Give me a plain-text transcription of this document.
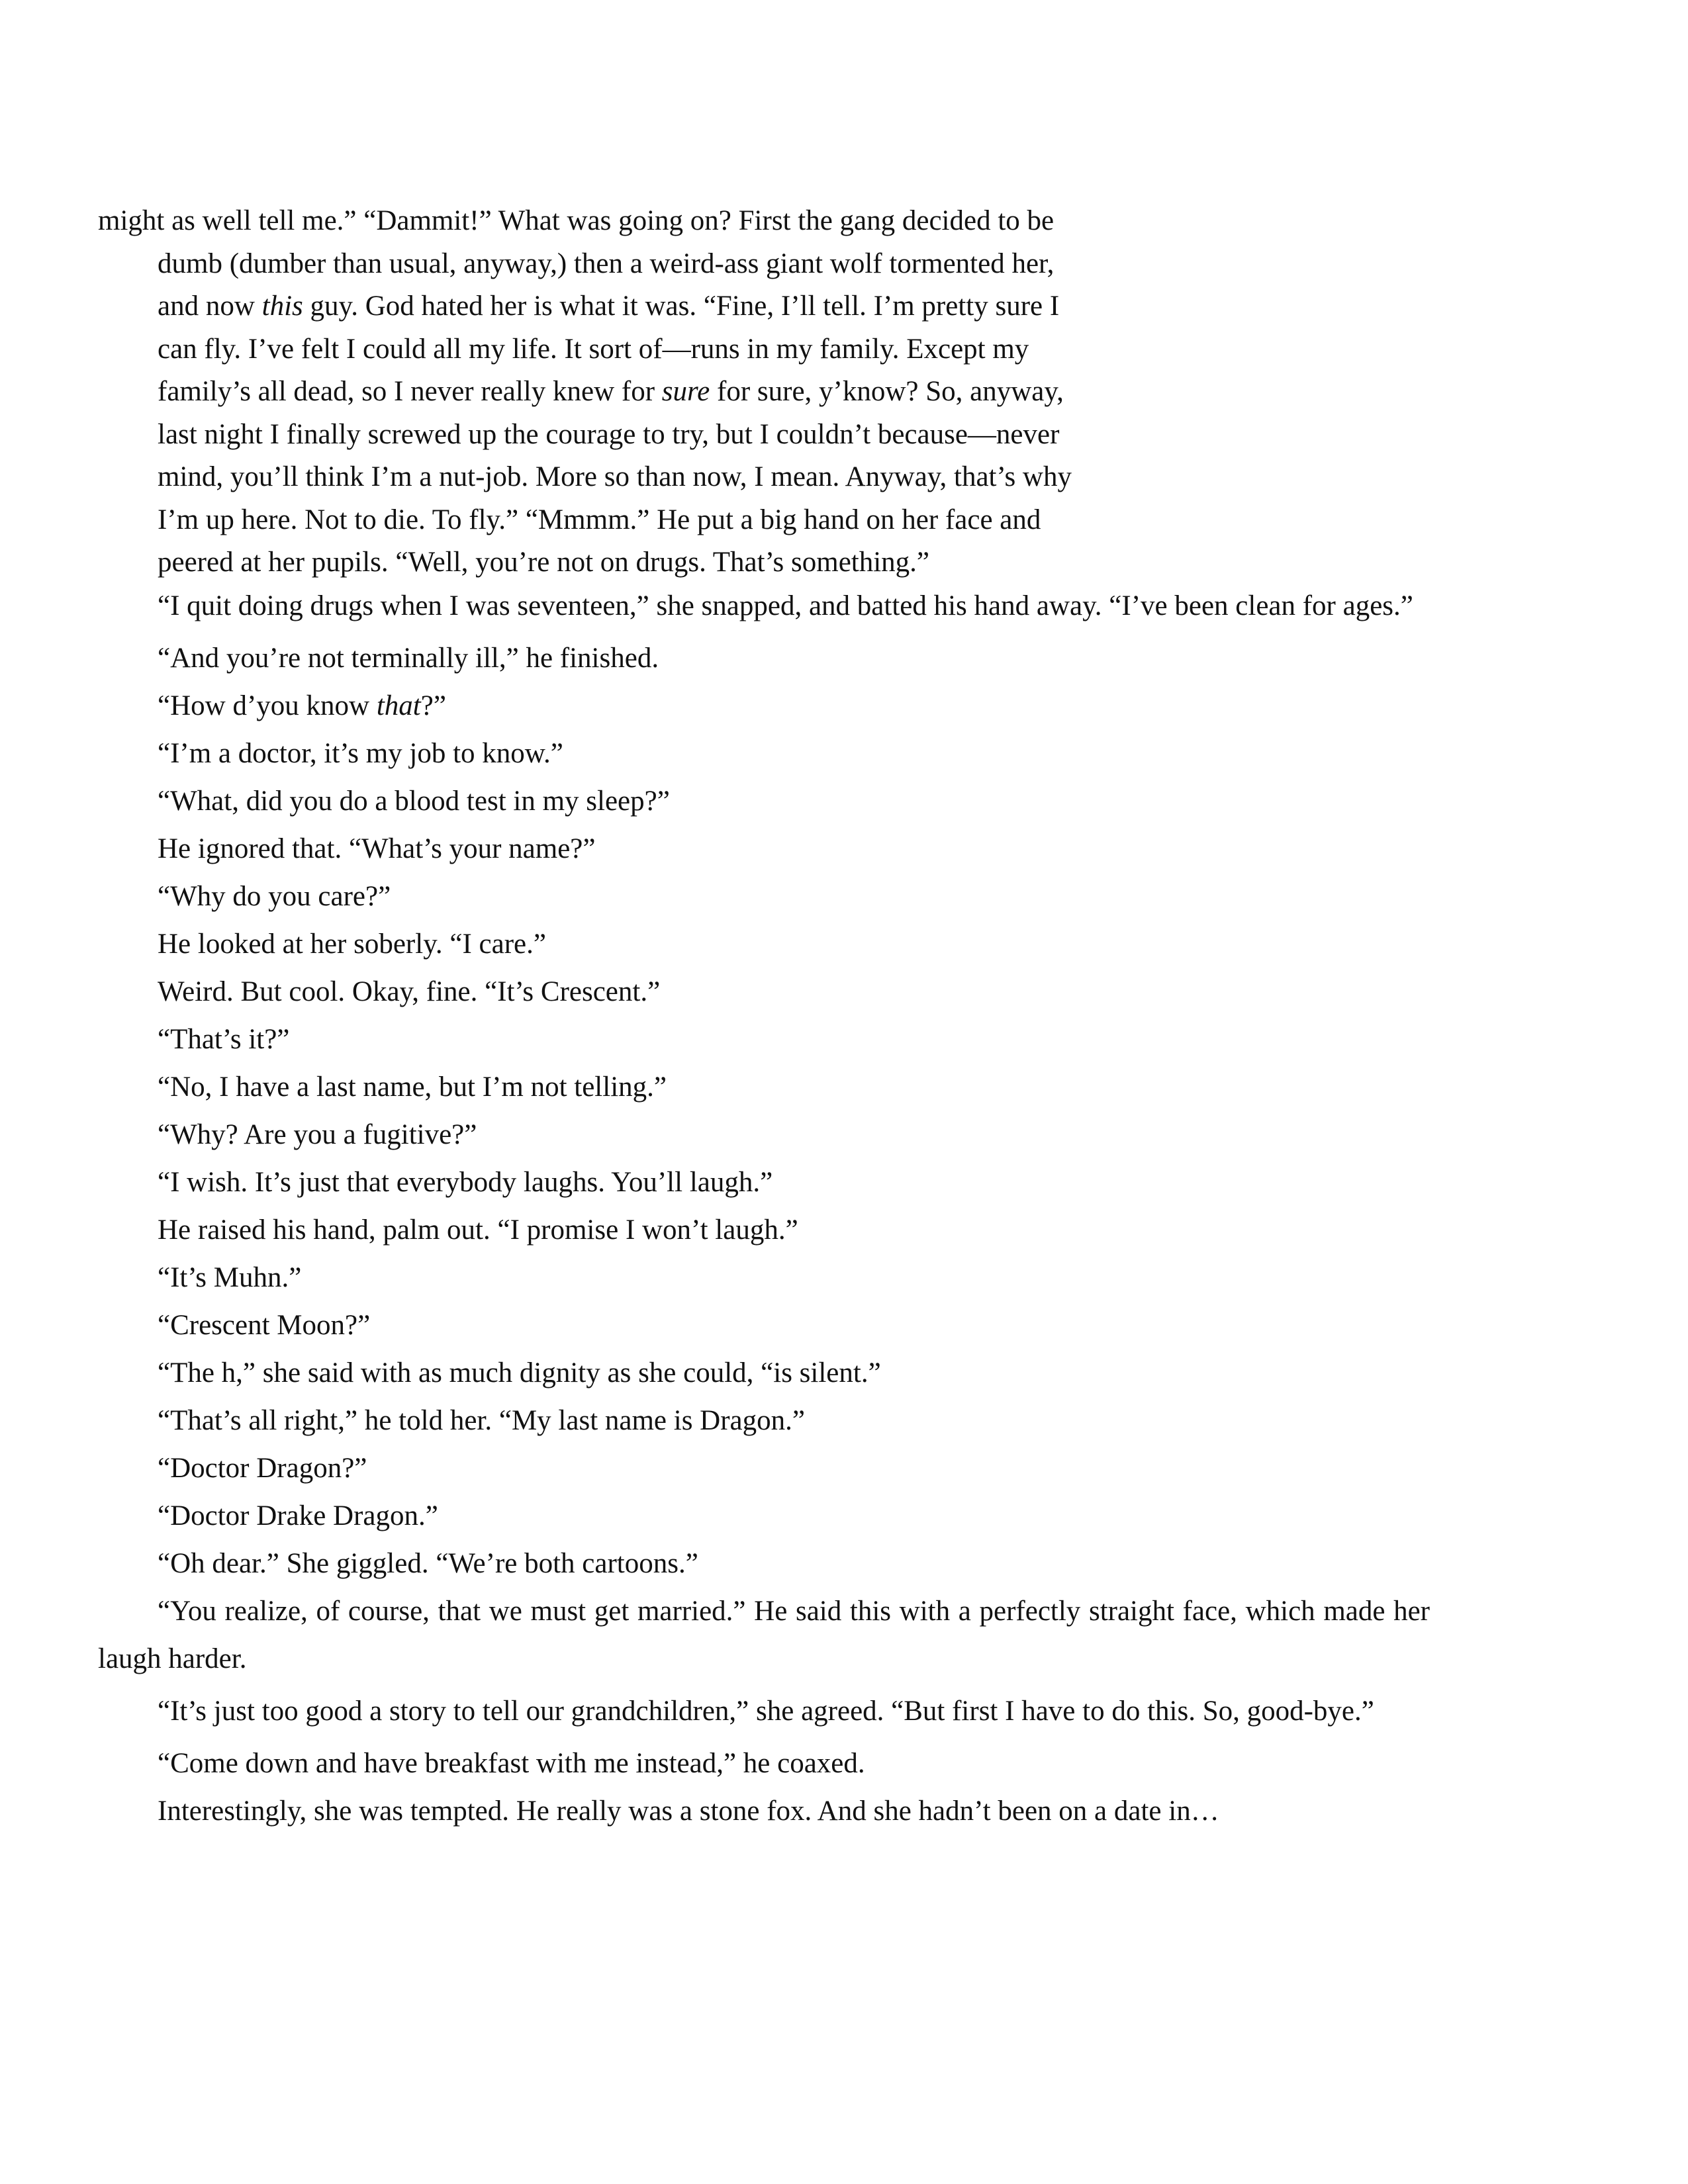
might as well tell me.” “Dammit!” What was going on? First the gang decided to be
dumb (dumber than usual, anyway,) then a weird-ass giant wolf tormented her,
and now this guy. God hated her is what it was. “Fine, I’ll tell. I’m pretty sure I
can fly. I’ve felt I could all my life. It sort of—runs in my family. Except my
family’s all dead, so I never really knew for sure for sure, y’know? So, anyway,
last night I finally screwed up the courage to try, but I couldn’t because—never
mind, you’ll think I’m a nut-job. More so than now, I mean. Anyway, that’s why
I’m up here. Not to die. To fly.” “Mmmm.” He put a big hand on her face and
peered at her pupils. “Well, you’re not on drugs. That’s something.”

“I quit doing drugs when I was seventeen,” she snapped, and batted his hand away. “I’ve been clean for ages.”

“And you’re not terminally ill,” he finished.

“How d’you know that?”

“I’m a doctor, it’s my job to know.”

“What, did you do a blood test in my sleep?”

He ignored that. “What’s your name?”

“Why do you care?”

He looked at her soberly. “I care.”

Weird. But cool. Okay, fine. “It’s Crescent.”

“That’s it?”

“No, I have a last name, but I’m not telling.”

“Why? Are you a fugitive?”

“I wish. It’s just that everybody laughs. You’ll laugh.”

He raised his hand, palm out. “I promise I won’t laugh.”

“It’s Muhn.”

“Crescent Moon?”

“The h,” she said with as much dignity as she could, “is silent.”

“That’s all right,” he told her. “My last name is Dragon.”

“Doctor Dragon?”

“Doctor Drake Dragon.”

“Oh dear.” She giggled. “We’re both cartoons.”

“You realize, of course, that we must get married.” He said this with a perfectly straight face, which made her laugh harder.

“It’s just too good a story to tell our grandchildren,” she agreed. “But first I have to do this. So, good-bye.”

“Come down and have breakfast with me instead,” he coaxed.

Interestingly, she was tempted. He really was a stone fox. And she hadn’t been on a date in…
